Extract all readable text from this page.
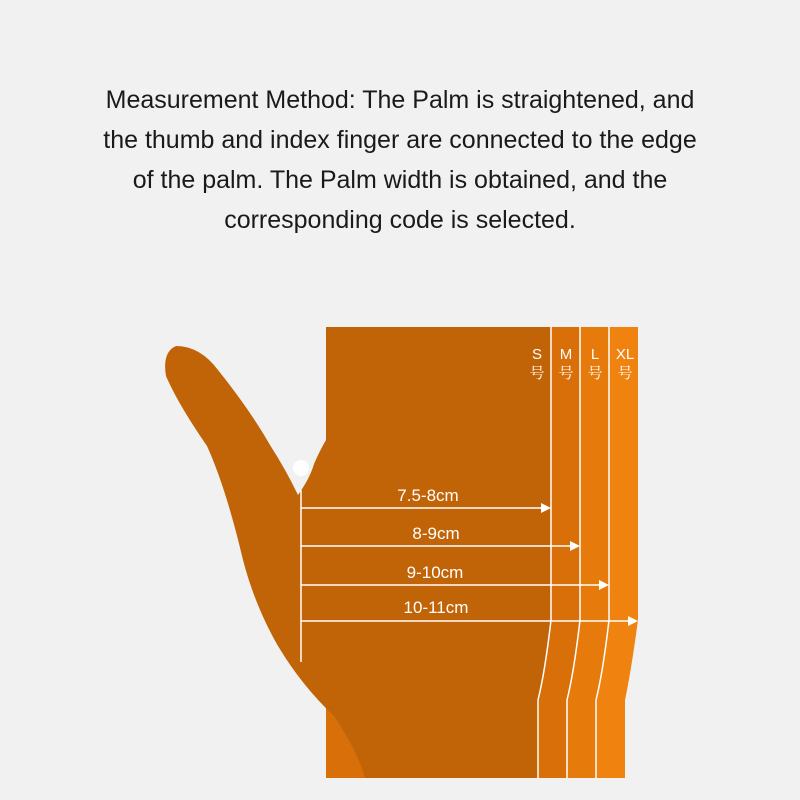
Measurement Method: The Palm is straightened, and
the thumb and index finger are connected to the edge
of the palm. The Palm width is obtained, and the
corresponding code is selected.
S
号
M
号
L
号
XL
号
7.5-8cm
8-9cm
9-10cm
10-11cm
